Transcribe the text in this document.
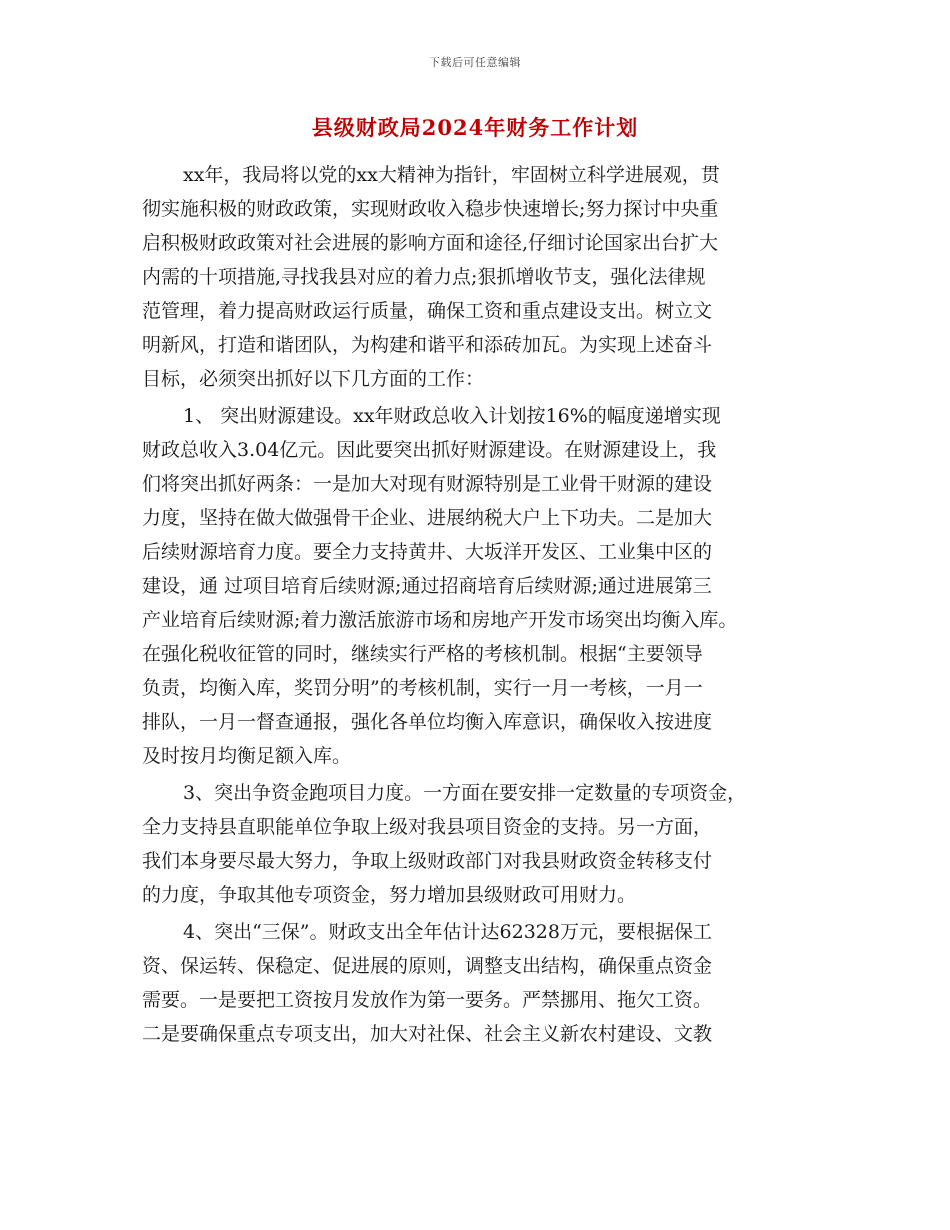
下载后可任意编辑
县级财政局2024年财务工作计划

xx年，我局将以党的xx大精神为指针，牢固树立科学进展观，贯
彻实施积极的财政政策，实现财政收入稳步快速增长;努力探讨中央重
启积极财政政策对社会进展的影响方面和途径,仔细讨论国家出台扩大
内需的十项措施,寻找我县对应的着力点;狠抓增收节支，强化法律规
范管理，着力提高财政运行质量，确保工资和重点建设支出。树立文
明新风，打造和谐团队，为构建和谐平和添砖加瓦。为实现上述奋斗
目标，必须突出抓好以下几方面的工作：

1、 突出财源建设。xx年财政总收入计划按16%的幅度递增实现
财政总收入3.04亿元。因此要突出抓好财源建设。在财源建设上，我
们将突出抓好两条：一是加大对现有财源特别是工业骨干财源的建设
力度，坚持在做大做强骨干企业、进展纳税大户上下功夫。二是加大
后续财源培育力度。要全力支持黄井、大坂洋开发区、工业集中区的
建设，通 过项目培育后续财源;通过招商培育后续财源;通过进展第三
产业培育后续财源;着力激活旅游市场和房地产开发市场突出均衡入库。
在强化税收征管的同时，继续实行严格的考核机制。根据“主要领导
负责，均衡入库，奖罚分明”的考核机制，实行一月一考核，一月一
排队，一月一督查通报，强化各单位均衡入库意识，确保收入按进度
及时按月均衡足额入库。

3、突出争资金跑项目力度。一方面在要安排一定数量的专项资金，
全力支持县直职能单位争取上级对我县项目资金的支持。另一方面，
我们本身要尽最大努力，争取上级财政部门对我县财政资金转移支付
的力度，争取其他专项资金，努力增加县级财政可用财力。

4、突出“三保”。财政支出全年估计达62328万元，要根据保工
资、保运转、保稳定、促进展的原则，调整支出结构，确保重点资金
需要。一是要把工资按月发放作为第一要务。严禁挪用、拖欠工资。
二是要确保重点专项支出，加大对社保、社会主义新农村建设、文教
